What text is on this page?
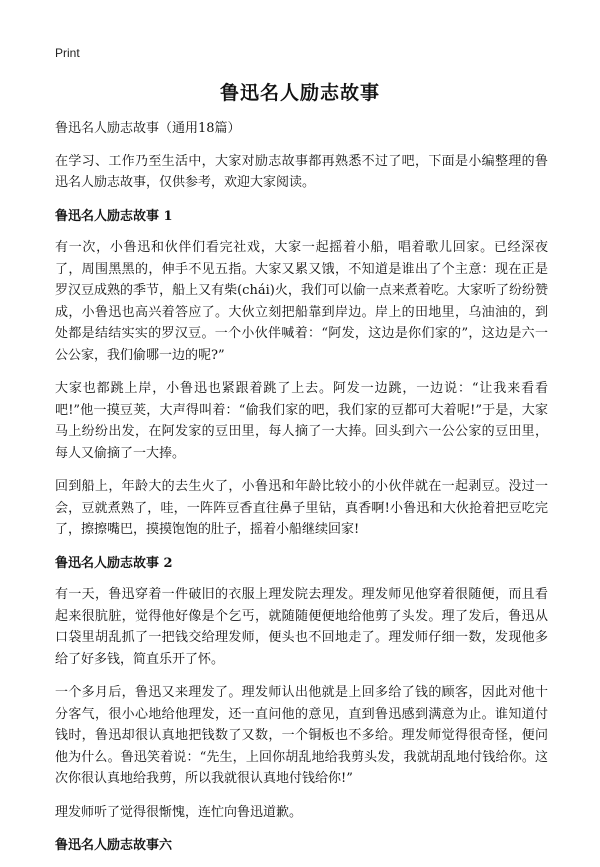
Print
鲁迅名人励志故事

鲁迅名人励志故事（通用18篇）

在学习、工作乃至生活中，大家对励志故事都再熟悉不过了吧，下面是小编整理的鲁迅名人励志故事，仅供参考，欢迎大家阅读。

鲁迅名人励志故事 1

有一次，小鲁迅和伙伴们看完社戏，大家一起摇着小船，唱着歌儿回家。已经深夜了，周围黑黑的，伸手不见五指。大家又累又饿，不知道是谁出了个主意：现在正是罗汉豆成熟的季节，船上又有柴(chái)火，我们可以偷一点来煮着吃。大家听了纷纷赞成，小鲁迅也高兴着答应了。大伙立刻把船靠到岸边。岸上的田地里，乌油油的，到处都是结结实实的罗汉豆。一个小伙伴喊着：“阿发，这边是你们家的”，这边是六一公公家，我们偷哪一边的呢?”

大家也都跳上岸，小鲁迅也紧跟着跳了上去。阿发一边跳，一边说：“让我来看看吧!”他一摸豆荚，大声得叫着：“偷我们家的吧，我们家的豆都可大着呢!”于是，大家马上纷纷出发，在阿发家的豆田里，每人摘了一大捧。回头到六一公公家的豆田里，每人又偷摘了一大捧。

回到船上，年龄大的去生火了，小鲁迅和年龄比较小的小伙伴就在一起剥豆。没过一会，豆就煮熟了，哇，一阵阵豆香直往鼻子里钻，真香啊!小鲁迅和大伙抢着把豆吃完了，擦擦嘴巴，摸摸饱饱的肚子，摇着小船继续回家!

鲁迅名人励志故事 2

有一天，鲁迅穿着一件破旧的衣服上理发院去理发。理发师见他穿着很随便，而且看起来很肮脏，觉得他好像是个乞丐，就随随便便地给他剪了头发。理了发后，鲁迅从口袋里胡乱抓了一把钱交给理发师，便头也不回地走了。理发师仔细一数，发现他多给了好多钱，简直乐开了怀。

一个多月后，鲁迅又来理发了。理发师认出他就是上回多给了钱的顾客，因此对他十分客气，很小心地给他理发，还一直问他的意见，直到鲁迅感到满意为止。谁知道付钱时，鲁迅却很认真地把钱数了又数，一个铜板也不多给。理发师觉得很奇怪，便问他为什么。鲁迅笑着说：“先生，上回你胡乱地给我剪头发，我就胡乱地付钱给你。这次你很认真地给我剪，所以我就很认真地付钱给你!”

理发师听了觉得很惭愧，连忙向鲁迅道歉。

鲁迅名人励志故事六
